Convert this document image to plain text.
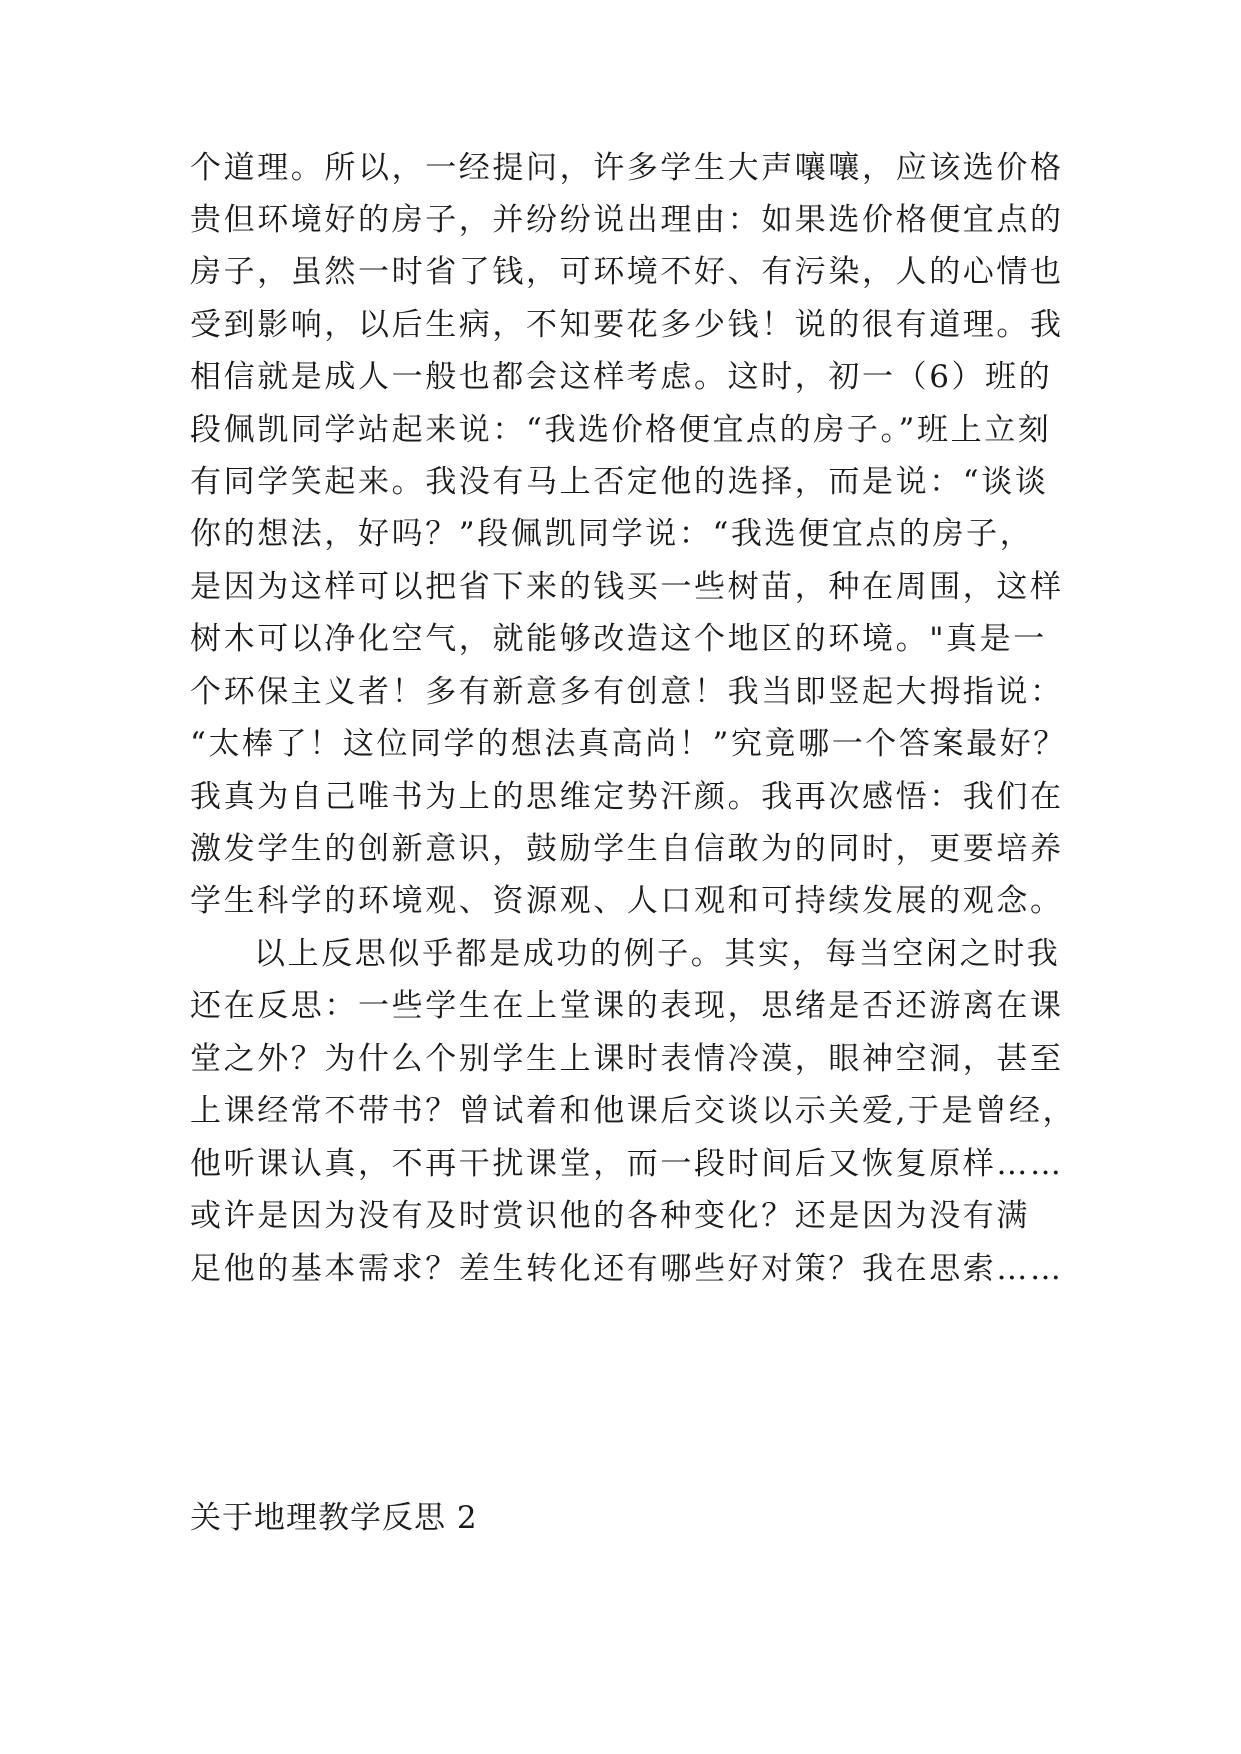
个道理。所以，一经提问，许多学生大声嚷嚷，应该选价格
贵但环境好的房子，并纷纷说出理由：如果选价格便宜点的
房子，虽然一时省了钱，可环境不好、有污染，人的心情也
受到影响，以后生病，不知要花多少钱！说的很有道理。我
相信就是成人一般也都会这样考虑。这时，初一（6）班的
段佩凯同学站起来说：“我选价格便宜点的房子。”班上立刻
有同学笑起来。我没有马上否定他的选择，而是说：“谈谈
你的想法，好吗？”段佩凯同学说：“我选便宜点的房子，
是因为这样可以把省下来的钱买一些树苗，种在周围，这样
树木可以净化空气，就能够改造这个地区的环境。"真是一
个环保主义者！多有新意多有创意！我当即竖起大拇指说：
“太棒了！这位同学的想法真高尚！”究竟哪一个答案最好？
我真为自己唯书为上的思维定势汗颜。我再次感悟：我们在
激发学生的创新意识，鼓励学生自信敢为的同时，更要培养
学生科学的环境观、资源观、人口观和可持续发展的观念。
以上反思似乎都是成功的例子。其实，每当空闲之时我
还在反思：一些学生在上堂课的表现，思绪是否还游离在课
堂之外？为什么个别学生上课时表情冷漠，眼神空洞，甚至
上课经常不带书？曾试着和他课后交谈以示关爱,于是曾经，
他听课认真，不再干扰课堂，而一段时间后又恢复原样……
或许是因为没有及时赏识他的各种变化？还是因为没有满
足他的基本需求？差生转化还有哪些好对策？我在思索……
关于地理教学反思 2
